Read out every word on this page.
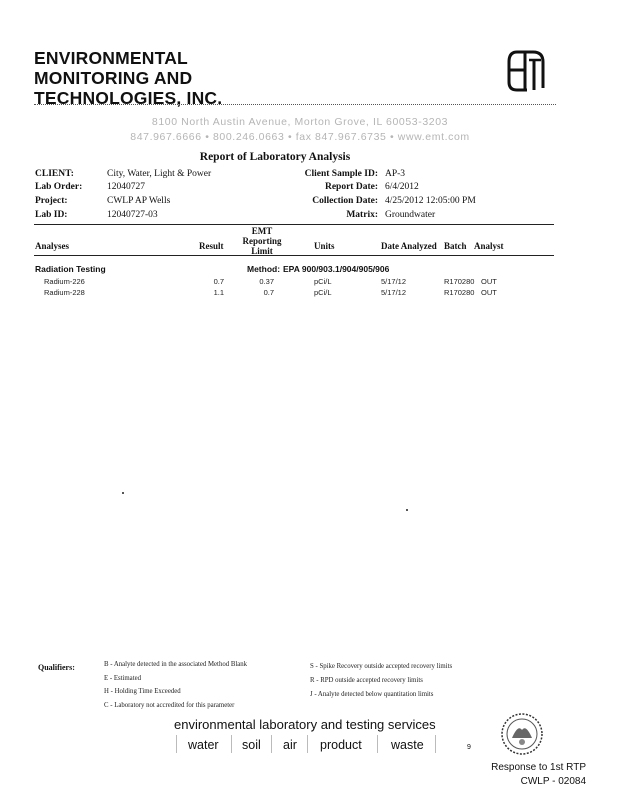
ENVIRONMENTAL
MONITORING AND
TECHNOLOGIES, INC.
8100 North Austin Avenue, Morton Grove, IL 60053-3203
847.967.6666 • 800.246.0663 • fax 847.967.6735 • www.emt.com
Report of Laboratory Analysis
CLIENT:	City, Water, Light & Power
Lab Order:	12040727
Project:	CWLP AP Wells
Lab ID:	12040727-03
Client Sample ID: AP-3
Report Date: 6/4/2012
Collection Date: 4/25/2012 12:05:00 PM
Matrix: Groundwater
Analyses	Result
EMT
Reporting
Limit	Units	Date Analyzed Batch Analyst
Radiation Testing	Method: EPA 900/903.1/904/905/906
Radium-226	0.7	0.37	pCi/L	5/17/12	R170280 OUT
Radium-228	1.1	0.7	pCi/L	5/17/12	R170280 OUT
Qualifiers:	B - Analyte detected in the associated Method Blank
E - Estimated
H - Holding Time Exceeded
C - Laboratory not accredited for this parameter
S - Spike Recovery outside accepted recovery limits
R - RPD outside accepted recovery limits
J - Analyte detected below quantitation limits
environmental laboratory and testing services
water soil air product waste	9
Response to 1st RTP
CWLP - 02084
